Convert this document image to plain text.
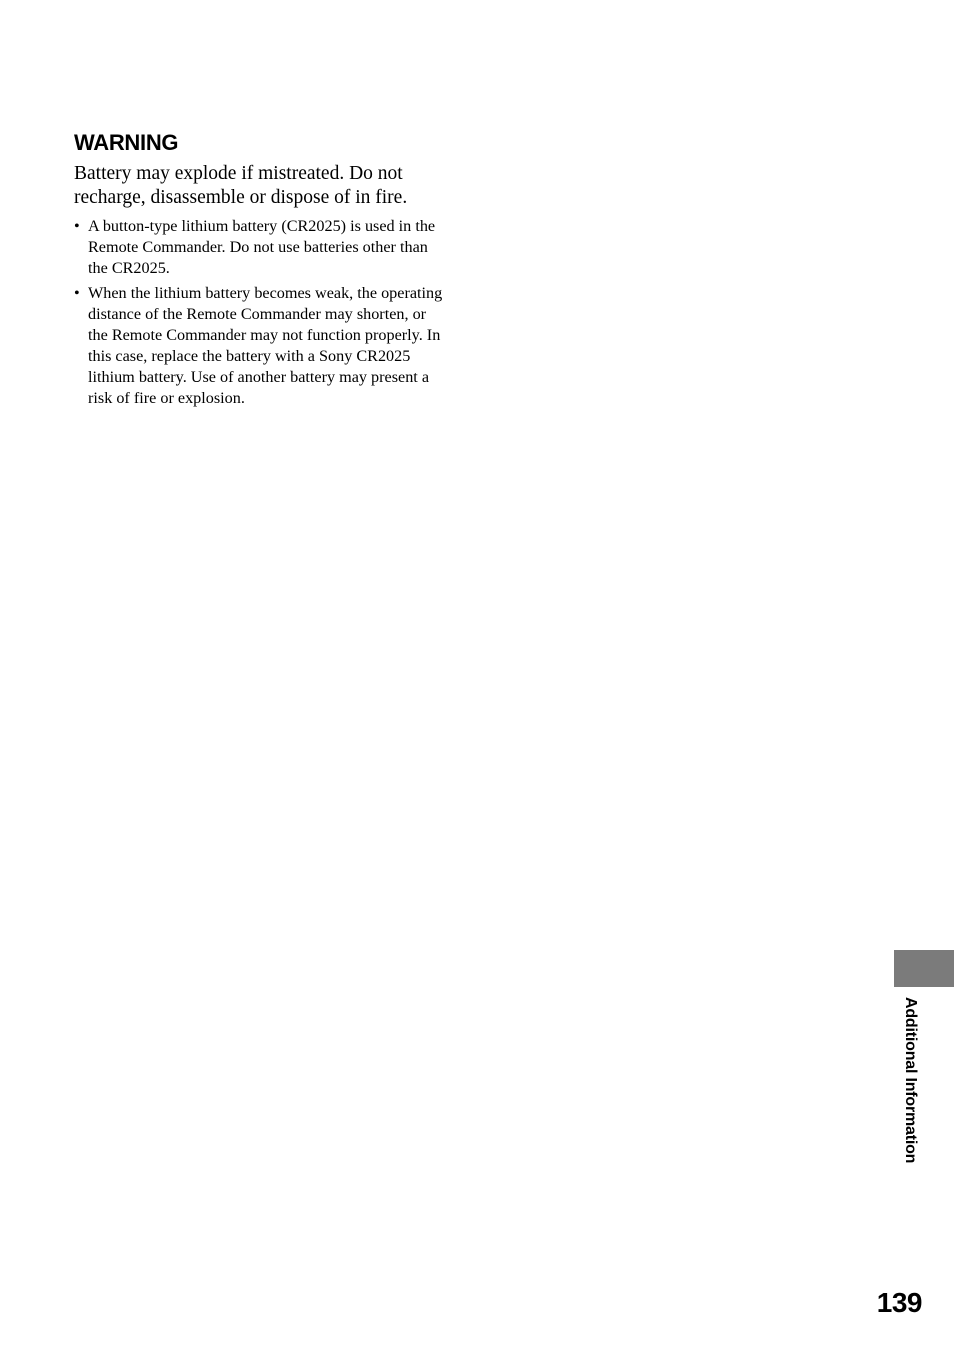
WARNING

Battery may explode if mistreated. Do not recharge, disassemble or dispose of in fire.

• A button-type lithium battery (CR2025) is used in the Remote Commander. Do not use batteries other than the CR2025.
• When the lithium battery becomes weak, the operating distance of the Remote Commander may shorten, or the Remote Commander may not function properly. In this case, replace the battery with a Sony CR2025 lithium battery. Use of another battery may present a risk of fire or explosion.
Additional Information
139
